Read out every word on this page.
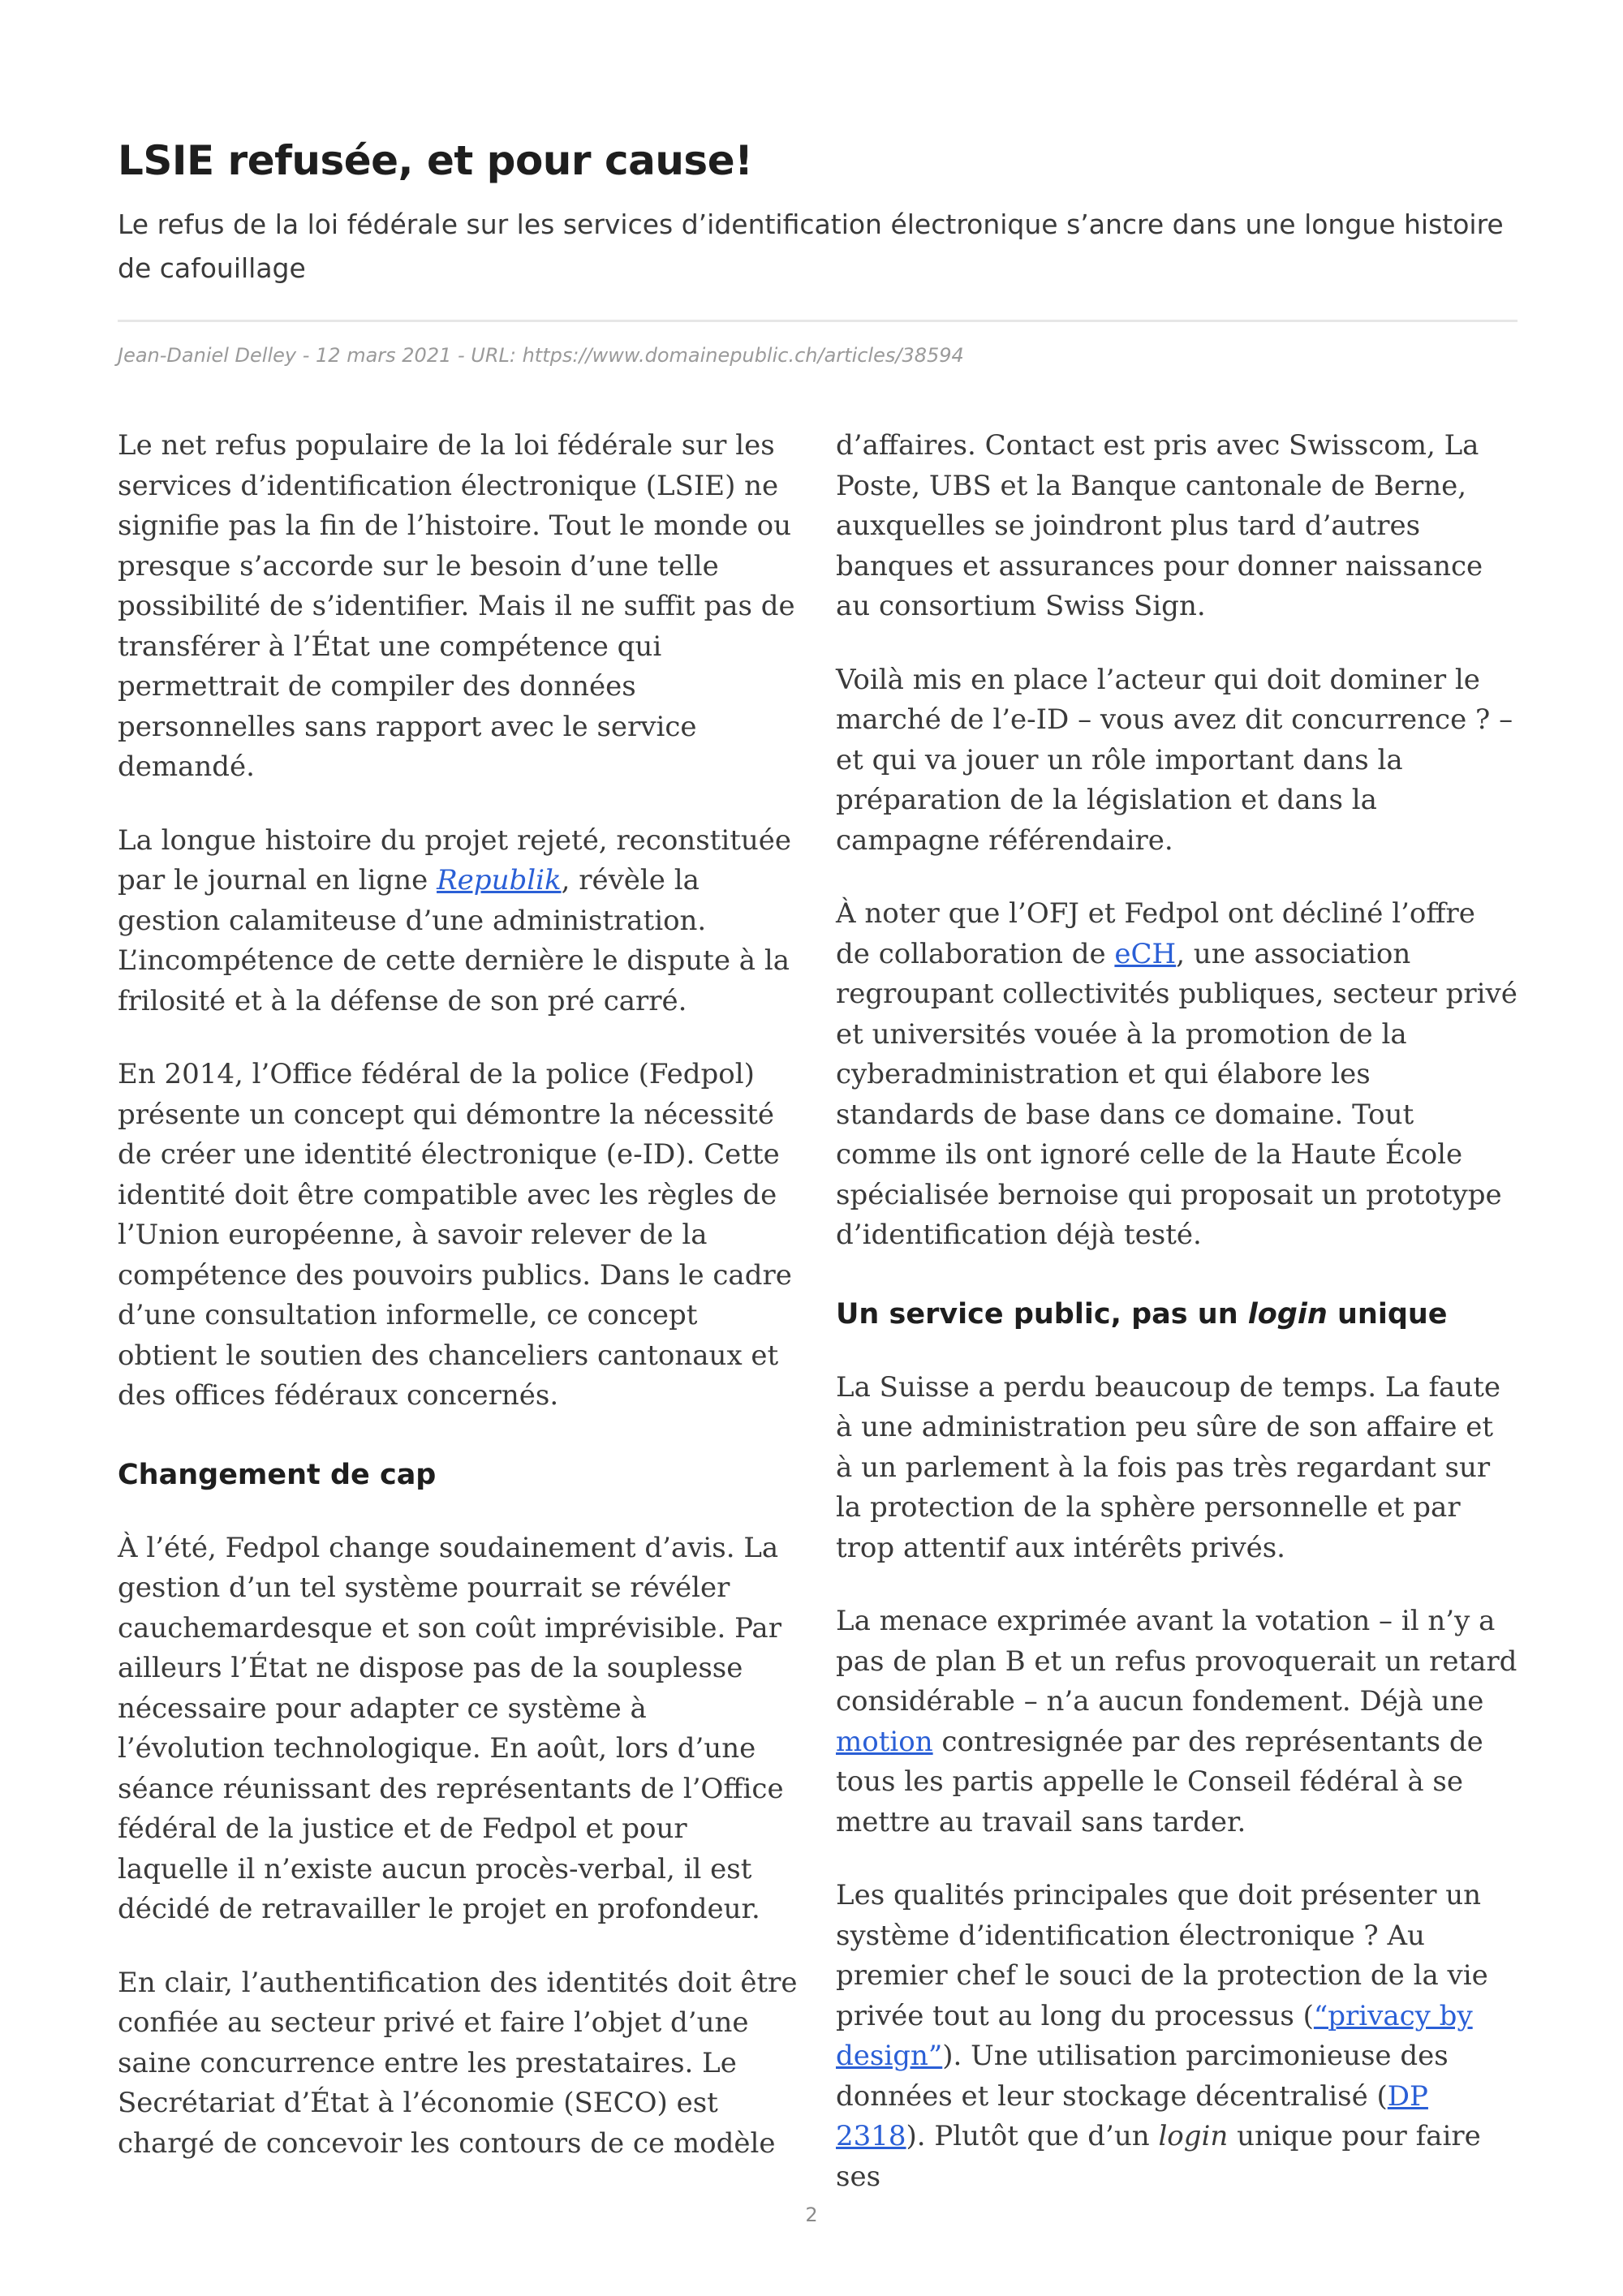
LSIE refusée, et pour cause!

Le refus de la loi fédérale sur les services d’identification électronique s’ancre dans une longue histoire de cafouillage

Jean-Daniel Delley - 12 mars 2021 - URL: https://www.domainepublic.ch/articles/38594

Le net refus populaire de la loi fédérale sur les services d’identification électronique (LSIE) ne signifie pas la fin de l’histoire. Tout le monde ou presque s’accorde sur le besoin d’une telle possibilité de s’identifier. Mais il ne suffit pas de transférer à l’État une compétence qui permettrait de compiler des données personnelles sans rapport avec le service demandé.

La longue histoire du projet rejeté, reconstituée par le journal en ligne Republik, révèle la gestion calamiteuse d’une administration. L’incompétence de cette dernière le dispute à la frilosité et à la défense de son pré carré.

En 2014, l’Office fédéral de la police (Fedpol) présente un concept qui démontre la nécessité de créer une identité électronique (e-ID). Cette identité doit être compatible avec les règles de l’Union européenne, à savoir relever de la compétence des pouvoirs publics. Dans le cadre d’une consultation informelle, ce concept obtient le soutien des chanceliers cantonaux et des offices fédéraux concernés.

Changement de cap

À l’été, Fedpol change soudainement d’avis. La gestion d’un tel système pourrait se révéler cauchemardesque et son coût imprévisible. Par ailleurs l’État ne dispose pas de la souplesse nécessaire pour adapter ce système à l’évolution technologique. En août, lors d’une séance réunissant des représentants de l’Office fédéral de la justice et de Fedpol et pour laquelle il n’existe aucun procès-verbal, il est décidé de retravailler le projet en profondeur.

En clair, l’authentification des identités doit être confiée au secteur privé et faire l’objet d’une saine concurrence entre les prestataires. Le Secrétariat d’État à l’économie (SECO) est chargé de concevoir les contours de ce modèle

d’affaires. Contact est pris avec Swisscom, La Poste, UBS et la Banque cantonale de Berne, auxquelles se joindront plus tard d’autres banques et assurances pour donner naissance au consortium Swiss Sign.

Voilà mis en place l’acteur qui doit dominer le marché de l’e-ID – vous avez dit concurrence ? – et qui va jouer un rôle important dans la préparation de la législation et dans la campagne référendaire.

À noter que l’OFJ et Fedpol ont décliné l’offre de collaboration de eCH, une association regroupant collectivités publiques, secteur privé et universités vouée à la promotion de la cyberadministration et qui élabore les standards de base dans ce domaine. Tout comme ils ont ignoré celle de la Haute École spécialisée bernoise qui proposait un prototype d’identification déjà testé.

Un service public, pas un login unique

La Suisse a perdu beaucoup de temps. La faute à une administration peu sûre de son affaire et à un parlement à la fois pas très regardant sur la protection de la sphère personnelle et par trop attentif aux intérêts privés.

La menace exprimée avant la votation – il n’y a pas de plan B et un refus provoquerait un retard considérable – n’a aucun fondement. Déjà une motion contresignée par des représentants de tous les partis appelle le Conseil fédéral à se mettre au travail sans tarder.

Les qualités principales que doit présenter un système d’identification électronique ? Au premier chef le souci de la protection de la vie privée tout au long du processus (“privacy by design”). Une utilisation parcimonieuse des données et leur stockage décentralisé (DP 2318). Plutôt que d’un login unique pour faire ses

2
